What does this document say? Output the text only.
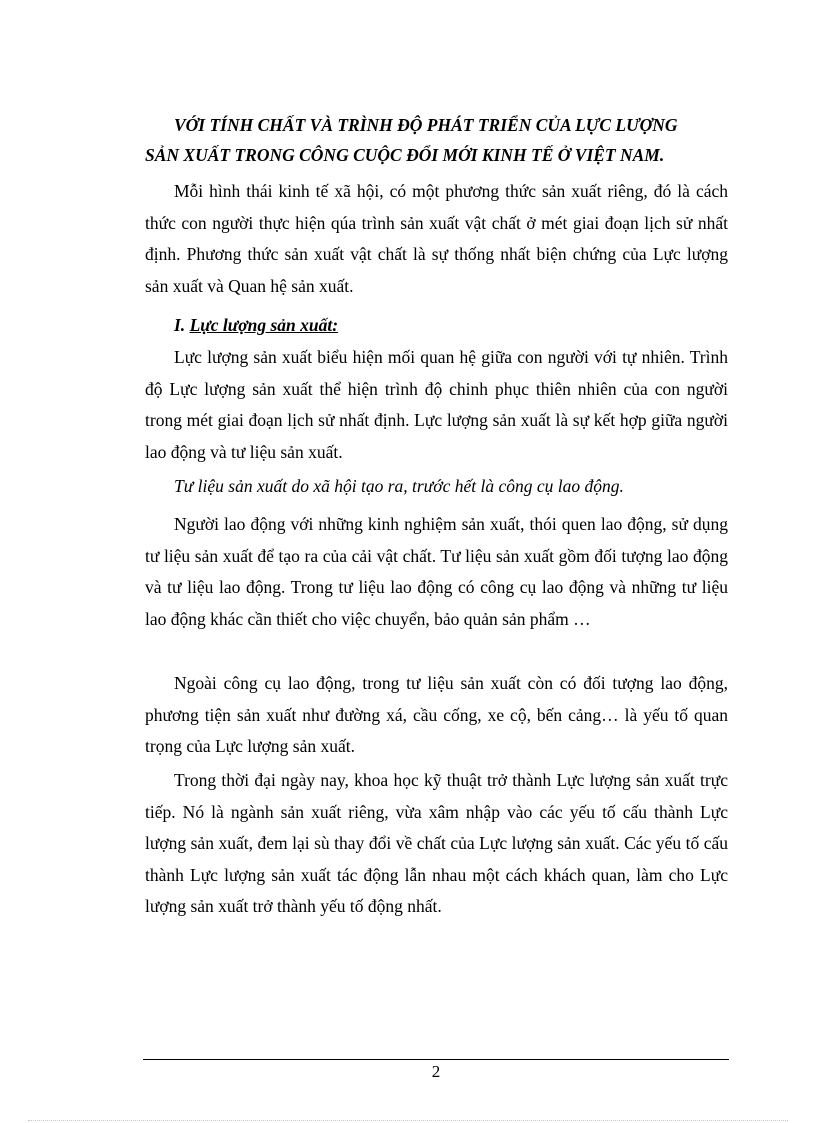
VỚI TÍNH CHẤT VÀ TRÌNH ĐỘ PHÁT TRIỂN CỦA LỰC LƯỢNG
SẢN XUẤT TRONG CÔNG CUỘC ĐỔI MỚI KINH TẾ Ở VIỆT NAM.

Mỗi hình thái kinh tế xã hội, có một phương thức sản xuất riêng, đó là cách thức con người thực hiện qúa trình sản xuất vật chất ở mét giai đoạn lịch sử nhất định. Phương thức sản xuất vật chất là sự thống nhất biện chứng của Lực lượng sản xuất và Quan hệ sản xuất.

I. Lực lượng sản xuất:

Lực lượng sản xuất biểu hiện mối quan hệ giữa con người với tự nhiên. Trình độ Lực lượng sản xuất thể hiện trình độ chinh phục thiên nhiên của con người trong mét giai đoạn lịch sử nhất định. Lực lượng sản xuất là sự kết hợp giữa người lao động và tư liệu sản xuất.

Tư liệu sản xuất do xã hội tạo ra, trước hết là công cụ lao động.

Người lao động với những kinh nghiệm sản xuất, thói quen lao động, sử dụng tư liệu sản xuất để tạo ra của cải vật chất. Tư liệu sản xuất gồm đối tượng lao động và tư liệu lao động. Trong tư liệu lao động có công cụ lao động và những tư liệu lao động khác cần thiết cho việc chuyển, bảo quản sản phẩm …

Ngoài công cụ lao động, trong tư liệu sản xuất còn có đối tượng lao động, phương tiện sản xuất như đường xá, cầu cống, xe cộ, bến cảng… là yếu tố quan trọng của Lực lượng sản xuất.

Trong thời đại ngày nay, khoa học kỹ thuật trở thành Lực lượng sản xuất trực tiếp. Nó là ngành sản xuất riêng, vừa xâm nhập vào các yếu tố cấu thành Lực lượng sản xuất, đem lại sù thay đổi về chất của Lực lượng sản xuất. Các yếu tố cấu thành Lực lượng sản xuất tác động lẫn nhau một cách khách quan, làm cho Lực lượng sản xuất trở thành yếu tố động nhất.

2
